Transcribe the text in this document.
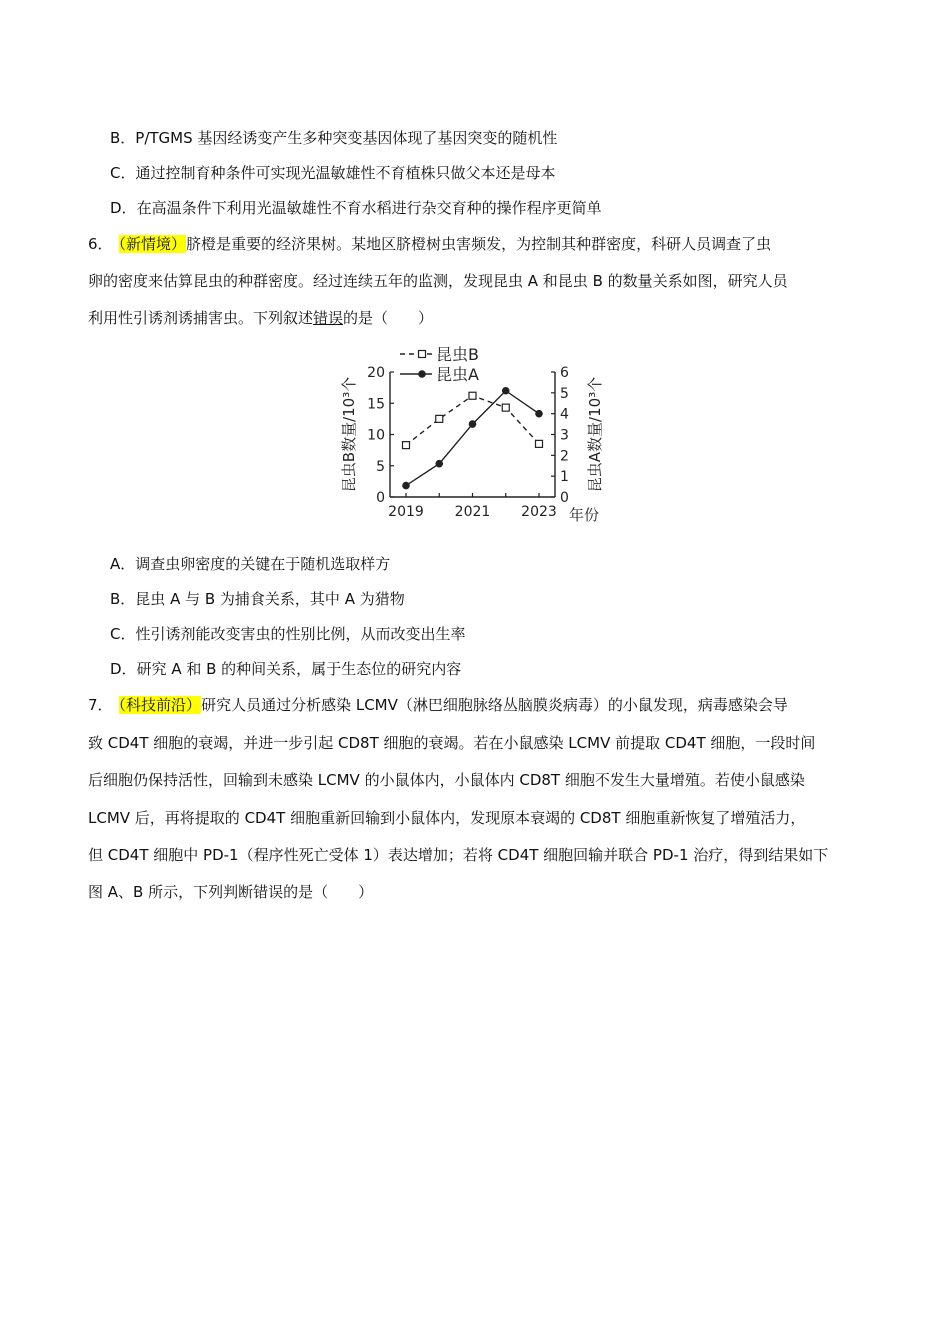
B．P/TGMS 基因经诱变产生多种突变基因体现了基因突变的随机性
C．通过控制育种条件可实现光温敏雄性不育植株只做父本还是母本
D．在高温条件下利用光温敏雄性不育水稻进行杂交育种的操作程序更简单
6． （新情境）脐橙是重要的经济果树。某地区脐橙树虫害频发，为控制其种群密度，科研人员调查了虫
卵的密度来估算昆虫的种群密度。经过连续五年的监测，发现昆虫 A 和昆虫 B 的数量关系如图，研究人员
利用性引诱剂诱捕害虫。下列叙述错误的是（　　）
0
5
10
15
20
0
1
2
3
4
5
6
2019 2021 2023 年份
昆虫B数量/10³个	昆虫A数量/10³个
昆虫B
昆虫A
A．调查虫卵密度的关键在于随机选取样方
B．昆虫 A 与 B 为捕食关系，其中 A 为猎物
C．性引诱剂能改变害虫的性别比例，从而改变出生率
D．研究 A 和 B 的种间关系，属于生态位的研究内容
7． （科技前沿）研究人员通过分析感染 LCMV（淋巴细胞脉络丛脑膜炎病毒）的小鼠发现，病毒感染会导
致 CD4T 细胞的衰竭，并进一步引起 CD8T 细胞的衰竭。若在小鼠感染 LCMV 前提取 CD4T 细胞，一段时间
后细胞仍保持活性，回输到未感染 LCMV 的小鼠体内，小鼠体内 CD8T 细胞不发生大量增殖。若使小鼠感染
LCMV 后，再将提取的 CD4T 细胞重新回输到小鼠体内，发现原本衰竭的 CD8T 细胞重新恢复了增殖活力，
但 CD4T 细胞中 PD-1（程序性死亡受体 1）表达增加；若将 CD4T 细胞回输并联合 PD-1 治疗，得到结果如下
图 A、B 所示，下列判断错误的是（　　）
